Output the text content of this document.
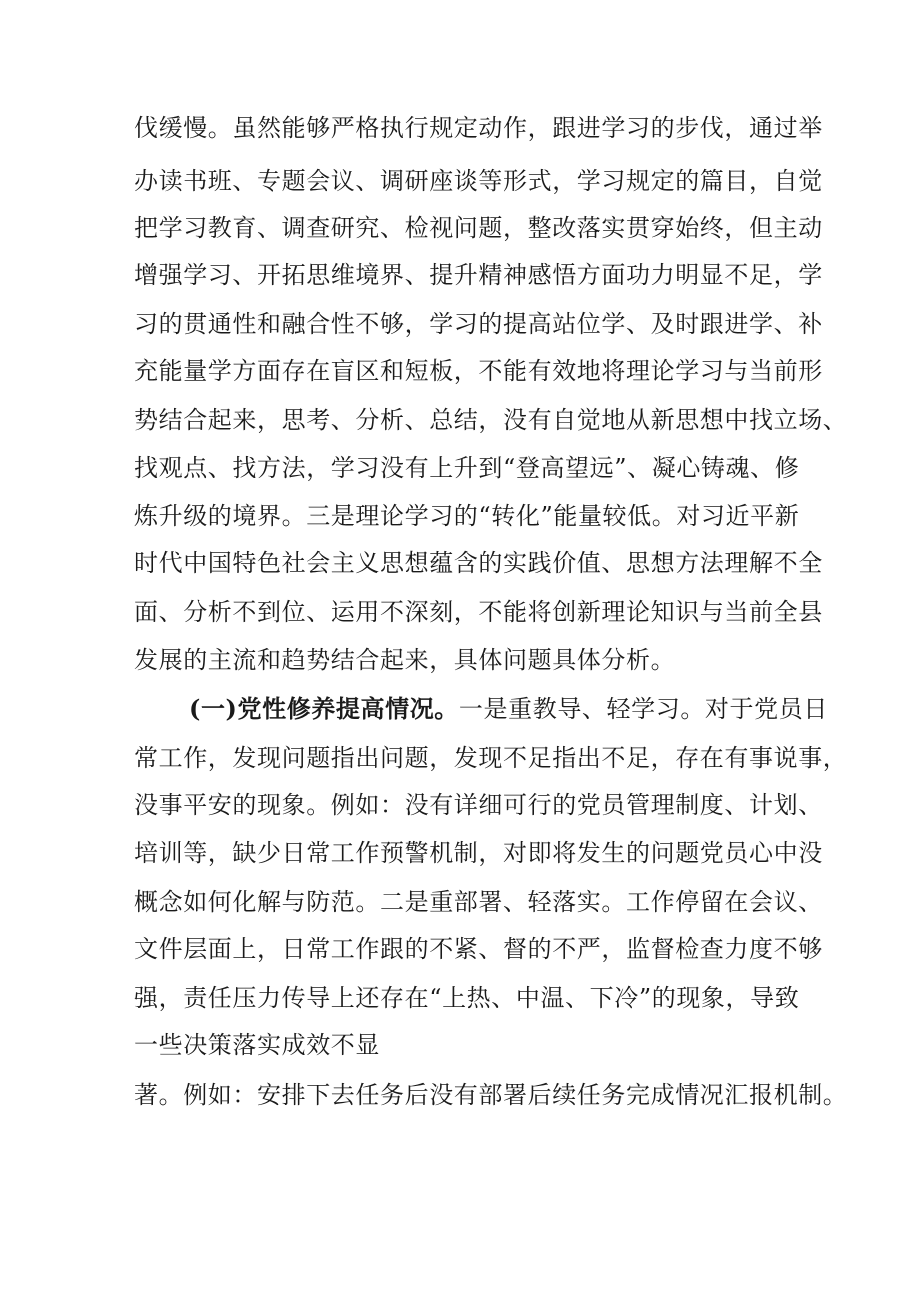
伐缓慢。虽然能够严格执行规定动作，跟进学习的步伐，通过举

办读书班、专题会议、调研座谈等形式，学习规定的篇目，自觉

把学习教育、调查研究、检视问题，整改落实贯穿始终，但主动

增强学习、开拓思维境界、提升精神感悟方面功力明显不足，学

习的贯通性和融合性不够，学习的提高站位学、及时跟进学、补

充能量学方面存在盲区和短板，不能有效地将理论学习与当前形

势结合起来，思考、分析、总结，没有自觉地从新思想中找立场、

找观点、找方法，学习没有上升到“登高望远”、凝心铸魂、修

炼升级的境界。三是理论学习的“转化”能量较低。对习近平新

时代中国特色社会主义思想蕴含的实践价值、思想方法理解不全

面、分析不到位、运用不深刻，不能将创新理论知识与当前全县

发展的主流和趋势结合起来，具体问题具体分析。

(一)党性修养提高情况。一是重教导、轻学习。对于党员日

常工作，发现问题指出问题，发现不足指出不足，存在有事说事，

没事平安的现象。例如：没有详细可行的党员管理制度、计划、

培训等，缺少日常工作预警机制，对即将发生的问题党员心中没

概念如何化解与防范。二是重部署、轻落实。工作停留在会议、

文件层面上，日常工作跟的不紧、督的不严，监督检查力度不够

强，责任压力传导上还存在“上热、中温、下冷”的现象，导致

一些决策落实成效不显

著。例如：安排下去任务后没有部署后续任务完成情况汇报机制。
